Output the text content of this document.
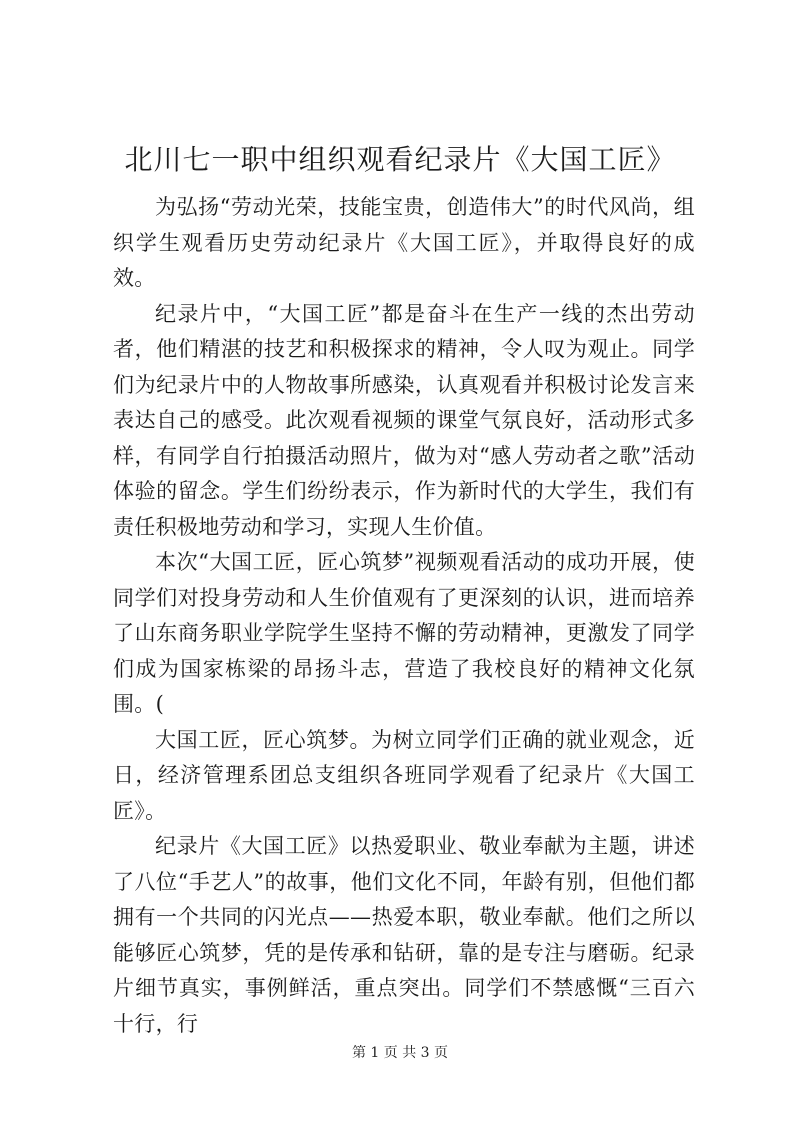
北川七一职中组织观看纪录片《大国工匠》

为弘扬“劳动光荣，技能宝贵，创造伟大”的时代风尚，组织学生观看历史劳动纪录片《大国工匠》，并取得良好的成效。

纪录片中，“大国工匠”都是奋斗在生产一线的杰出劳动者，他们精湛的技艺和积极探求的精神，令人叹为观止。同学们为纪录片中的人物故事所感染，认真观看并积极讨论发言来表达自己的感受。此次观看视频的课堂气氛良好，活动形式多样，有同学自行拍摄活动照片，做为对“感人劳动者之歌”活动体验的留念。学生们纷纷表示，作为新时代的大学生，我们有责任积极地劳动和学习，实现人生价值。

本次“大国工匠，匠心筑梦”视频观看活动的成功开展，使同学们对投身劳动和人生价值观有了更深刻的认识，进而培养了山东商务职业学院学生坚持不懈的劳动精神，更激发了同学们成为国家栋梁的昂扬斗志，营造了我校良好的精神文化氛围。(

大国工匠，匠心筑梦。为树立同学们正确的就业观念，近日，经济管理系团总支组织各班同学观看了纪录片《大国工匠》。

纪录片《大国工匠》以热爱职业、敬业奉献为主题，讲述了八位“手艺人”的故事，他们文化不同，年龄有别，但他们都拥有一个共同的闪光点——热爱本职，敬业奉献。他们之所以能够匠心筑梦，凭的是传承和钻研，靠的是专注与磨砺。纪录片细节真实，事例鲜活，重点突出。同学们不禁感慨“三百六十行，行

第 1 页 共 3 页
